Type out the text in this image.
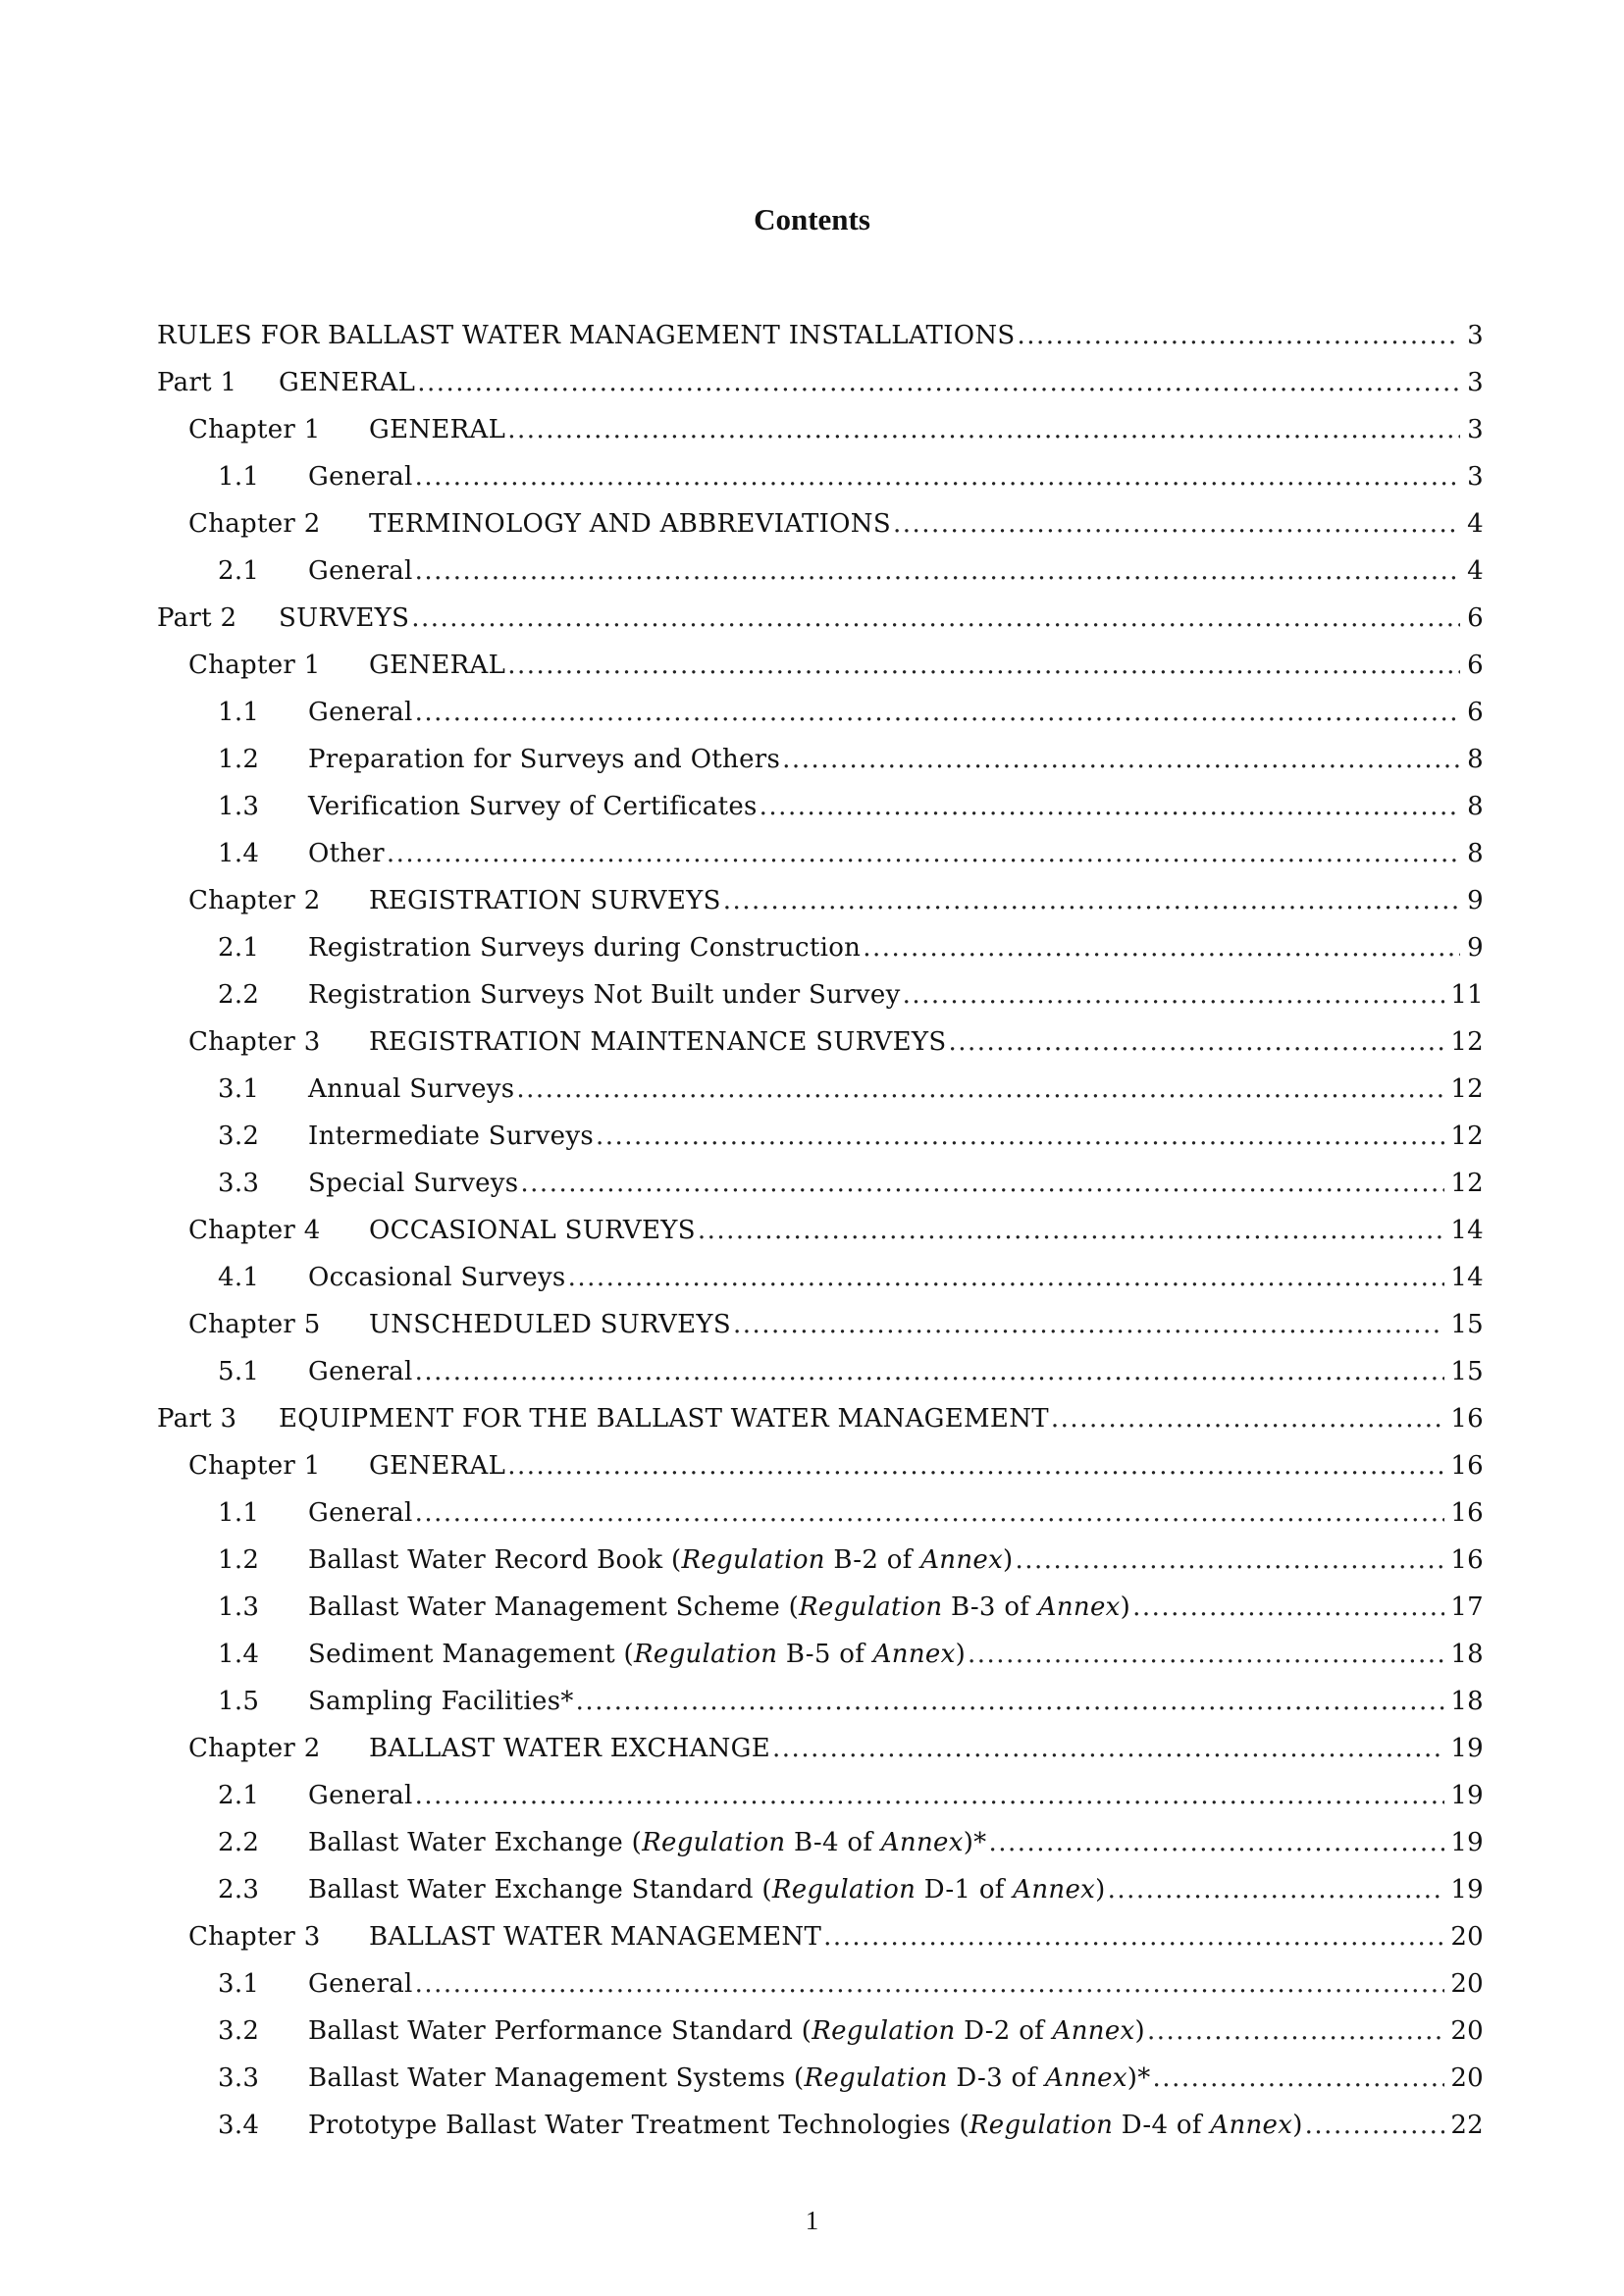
Contents
RULES FOR BALLAST WATER MANAGEMENT INSTALLATIONS .....	3
Part 1	GENERAL .....	3
Chapter 1	GENERAL .....	3
1.1	General .....	3
Chapter 2	TERMINOLOGY AND ABBREVIATIONS .....	4
2.1	General .....	4
Part 2	SURVEYS .....	6
Chapter 1	GENERAL .....	6
1.1	General .....	6
1.2	Preparation for Surveys and Others .....	8
1.3	Verification Survey of Certificates .....	8
1.4	Other .....	8
Chapter 2	REGISTRATION SURVEYS .....	9
2.1	Registration Surveys during Construction .....	9
2.2	Registration Surveys Not Built under Survey .....	11
Chapter 3	REGISTRATION MAINTENANCE SURVEYS .....	12
3.1	Annual Surveys .....	12
3.2	Intermediate Surveys .....	12
3.3	Special Surveys .....	12
Chapter 4	OCCASIONAL SURVEYS .....	14
4.1	Occasional Surveys .....	14
Chapter 5	UNSCHEDULED SURVEYS .....	15
5.1	General .....	15
Part 3	EQUIPMENT FOR THE BALLAST WATER MANAGEMENT .....	16
Chapter 1	GENERAL .....	16
1.1	General .....	16
1.2	Ballast Water Record Book (Regulation B-2 of Annex) .....	16
1.3	Ballast Water Management Scheme (Regulation B-3 of Annex) .....	17
1.4	Sediment Management (Regulation B-5 of Annex) .....	18
1.5	Sampling Facilities* .....	18
Chapter 2	BALLAST WATER EXCHANGE .....	19
2.1	General .....	19
2.2	Ballast Water Exchange (Regulation B-4 of Annex)* .....	19
2.3	Ballast Water Exchange Standard (Regulation D-1 of Annex) .....	19
Chapter 3	BALLAST WATER MANAGEMENT .....	20
3.1	General .....	20
3.2	Ballast Water Performance Standard (Regulation D-2 of Annex) .....	20
3.3	Ballast Water Management Systems (Regulation D-3 of Annex)* .....	20
3.4	Prototype Ballast Water Treatment Technologies (Regulation D-4 of Annex) .....	22
1
